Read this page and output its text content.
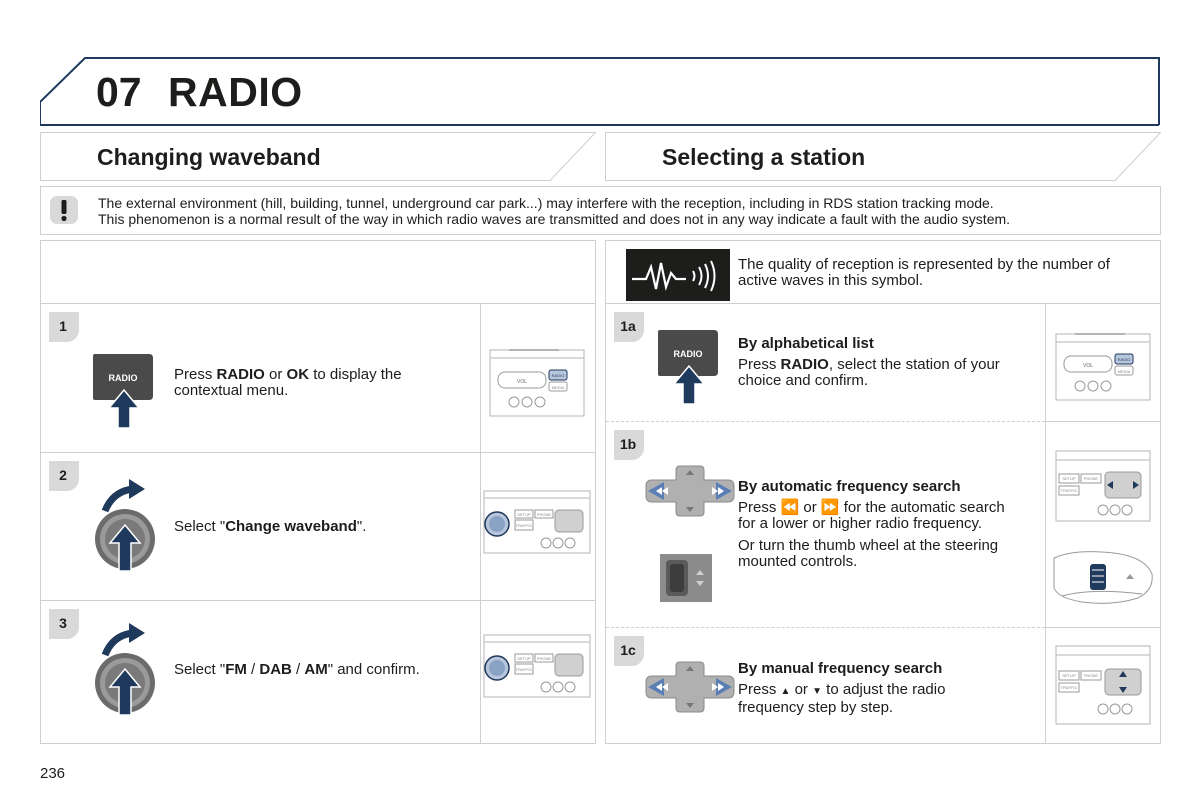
07 RADIO
Changing waveband	Selecting a station
The external environment (hill, building, tunnel, underground car park...) may interfere with the reception, including in RDS station tracking mode.
This phenomenon is a normal result of the way in which radio waves are transmitted and does not in any way indicate a fault with the audio system.
The quality of reception is represented by the number of
active waves in this symbol.
1
RADIO Press RADIO or OK to display the
contextual menu.
2
Select "Change waveband".
3
Select "FM / DAB / AM" and confirm.
VOL
RADIO
MEDIA
SETUP PHONE
TRAFFIC
SETUP PHONE
TRAFFIC
1a
RADIO
By alphabetical list
Press RADIO, select the station of your
choice and confirm.
1b
By automatic frequency search
Press ⏪ or ⏩ for the automatic search
for a lower or higher radio frequency.
Or turn the thumb wheel at the steering
mounted controls.
1c
By manual frequency search
Press ▲ or ▼ to adjust the radio
frequency step by step.
VOL
RADIO
MEDIA
SETUP PHONE
TRAFFIC
SETUP PHONE
TRAFFIC
236
